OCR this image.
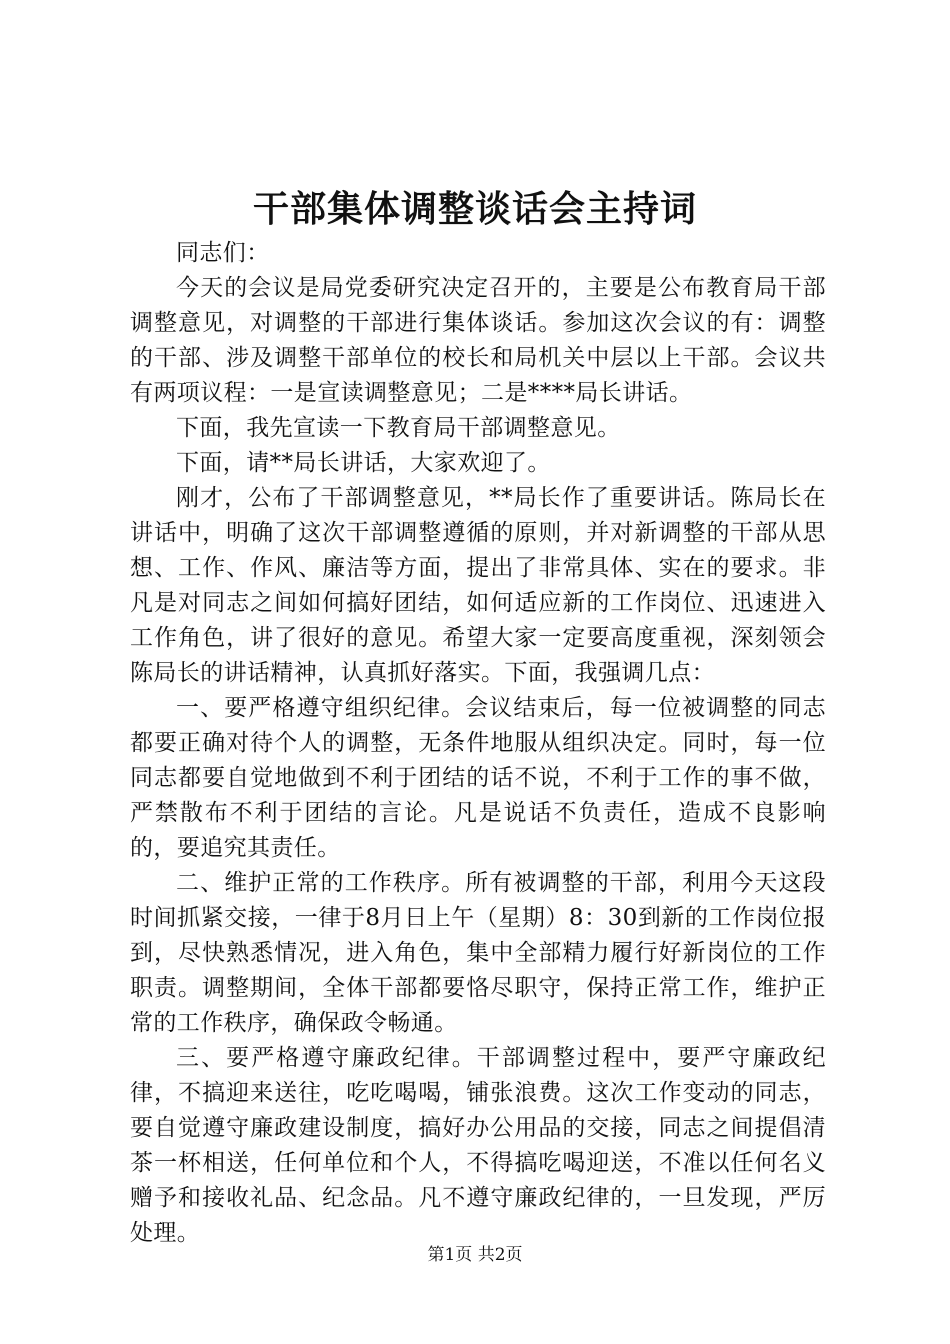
干部集体调整谈话会主持词

同志们：

今天的会议是局党委研究决定召开的，主要是公布教育局干部调整意见，对调整的干部进行集体谈话。参加这次会议的有：调整的干部、涉及调整干部单位的校长和局机关中层以上干部。会议共有两项议程：一是宣读调整意见；二是****局长讲话。

下面，我先宣读一下教育局干部调整意见。

下面，请**局长讲话，大家欢迎了。

刚才，公布了干部调整意见，**局长作了重要讲话。陈局长在讲话中，明确了这次干部调整遵循的原则，并对新调整的干部从思想、工作、作风、廉洁等方面，提出了非常具体、实在的要求。非凡是对同志之间如何搞好团结，如何适应新的工作岗位、迅速进入工作角色，讲了很好的意见。希望大家一定要高度重视，深刻领会陈局长的讲话精神，认真抓好落实。下面，我强调几点：

一、要严格遵守组织纪律。会议结束后，每一位被调整的同志都要正确对待个人的调整，无条件地服从组织决定。同时，每一位同志都要自觉地做到不利于团结的话不说，不利于工作的事不做，严禁散布不利于团结的言论。凡是说话不负责任，造成不良影响的，要追究其责任。

二、维护正常的工作秩序。所有被调整的干部，利用今天这段时间抓紧交接，一律于8月日上午（星期）8：30到新的工作岗位报到，尽快熟悉情况，进入角色，集中全部精力履行好新岗位的工作职责。调整期间，全体干部都要恪尽职守，保持正常工作，维护正常的工作秩序，确保政令畅通。

三、要严格遵守廉政纪律。干部调整过程中，要严守廉政纪律，不搞迎来送往，吃吃喝喝，铺张浪费。这次工作变动的同志，要自觉遵守廉政建设制度，搞好办公用品的交接，同志之间提倡清茶一杯相送，任何单位和个人，不得搞吃喝迎送，不准以任何名义赠予和接收礼品、纪念品。凡不遵守廉政纪律的，一旦发现，严厉处理。

第1页 共2页
